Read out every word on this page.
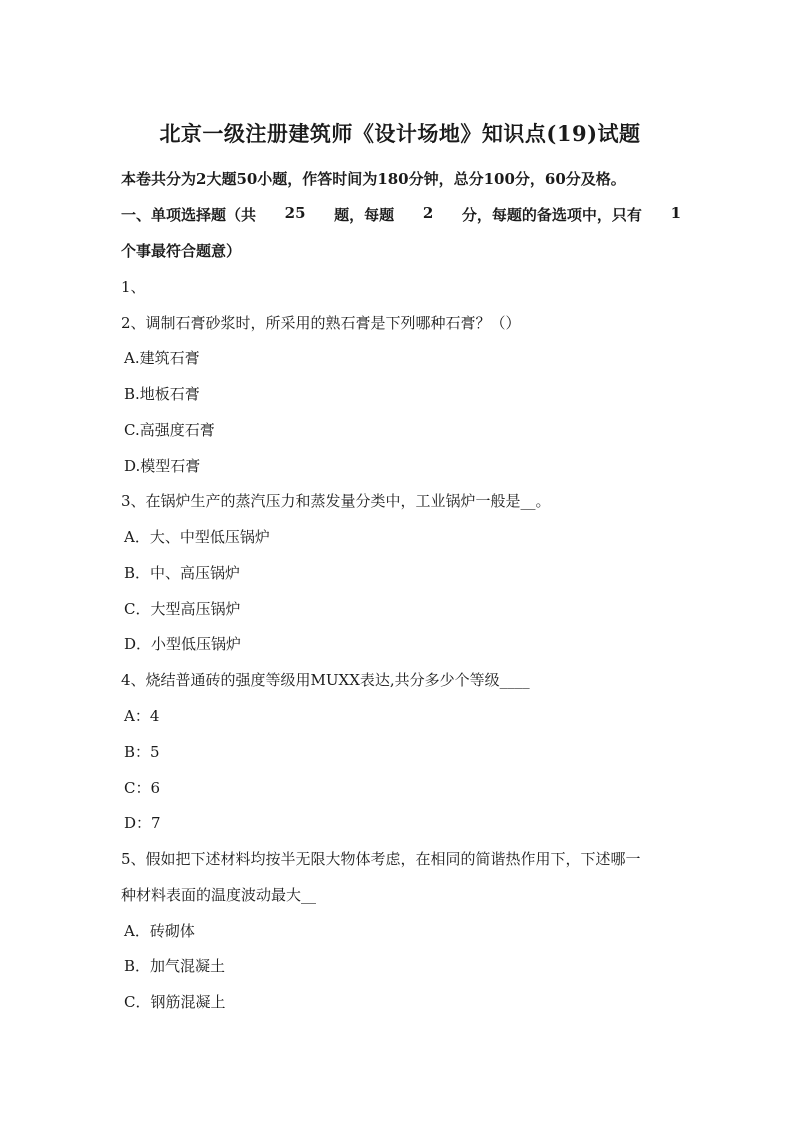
北京一级注册建筑师《设计场地》知识点(19)试题
本卷共分为2大题50小题，作答时间为180分钟，总分100分，60分及格。
一、单项选择题（共 25 题，每题 2 分，每题的备选项中，只有 1
个事最符合题意）
1、
2、调制石膏砂浆时，所采用的熟石膏是下列哪种石膏？（）
A.建筑石膏
B.地板石膏
C.高强度石膏
D.模型石膏
3、在锅炉生产的蒸汽压力和蒸发量分类中，工业锅炉一般是__。
A．大、中型低压锅炉
B．中、高压锅炉
C．大型高压锅炉
D．小型低压锅炉
4、烧结普通砖的强度等级用MUXX表达,共分多少个等级____
A：4
B：5
C：6
D：7
5、假如把下述材料均按半无限大物体考虑，在相同的简谐热作用下，下述哪一
种材料表面的温度波动最大__
A．砖砌体
B．加气混凝土
C．钢筋混凝上
